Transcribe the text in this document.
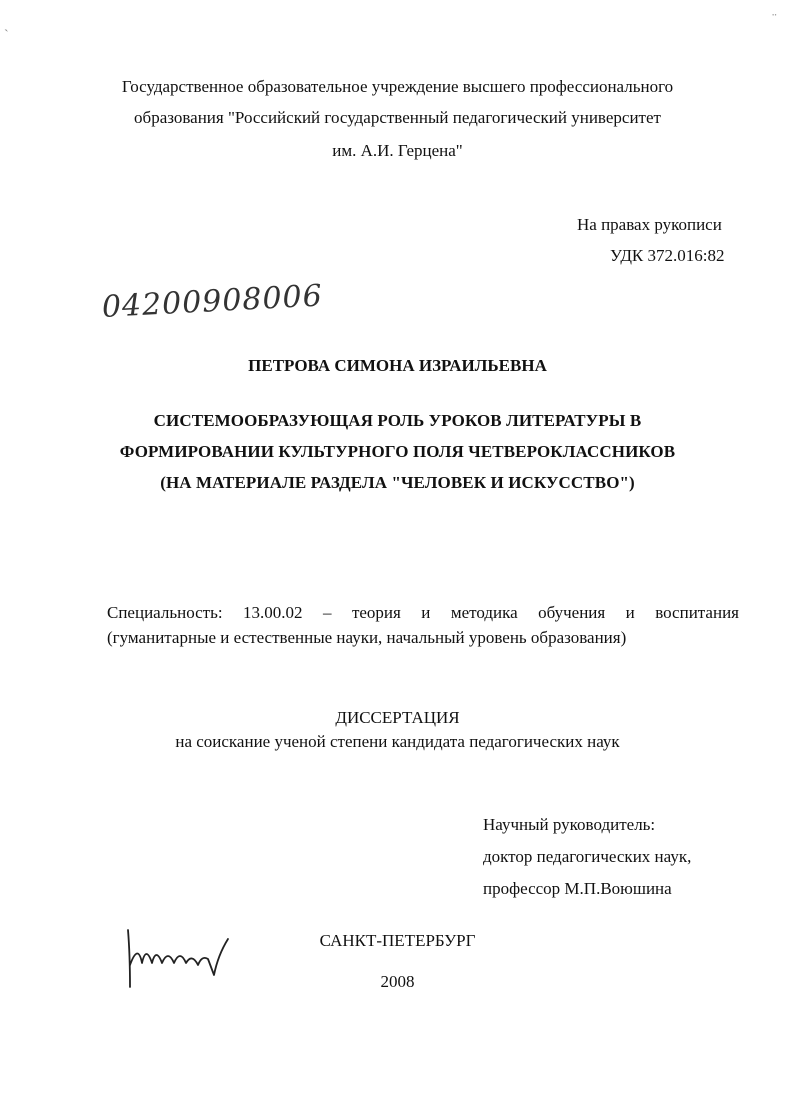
`
¨
Государственное образовательное учреждение высшего профессионального
образования "Российский государственный педагогический университет
им. А.И. Герцена"
На правах рукописи
УДК 372.016:82
04200908006
ПЕТРОВА СИМОНА ИЗРАИЛЬЕВНА
СИСТЕМООБРАЗУЮЩАЯ РОЛЬ УРОКОВ ЛИТЕРАТУРЫ В
ФОРМИРОВАНИИ КУЛЬТУРНОГО ПОЛЯ ЧЕТВЕРОКЛАССНИКОВ
(НА МАТЕРИАЛЕ РАЗДЕЛА "ЧЕЛОВЕК И ИСКУССТВО")
Специальность: 13.00.02 – теория и методика обучения и воспитания
(гуманитарные и естественные науки, начальный уровень образования)
ДИССЕРТАЦИЯ
на соискание ученой степени кандидата педагогических наук
Научный руководитель:
доктор педагогических наук,
профессор М.П.Воюшина
САНКТ-ПЕТЕРБУРГ
2008
